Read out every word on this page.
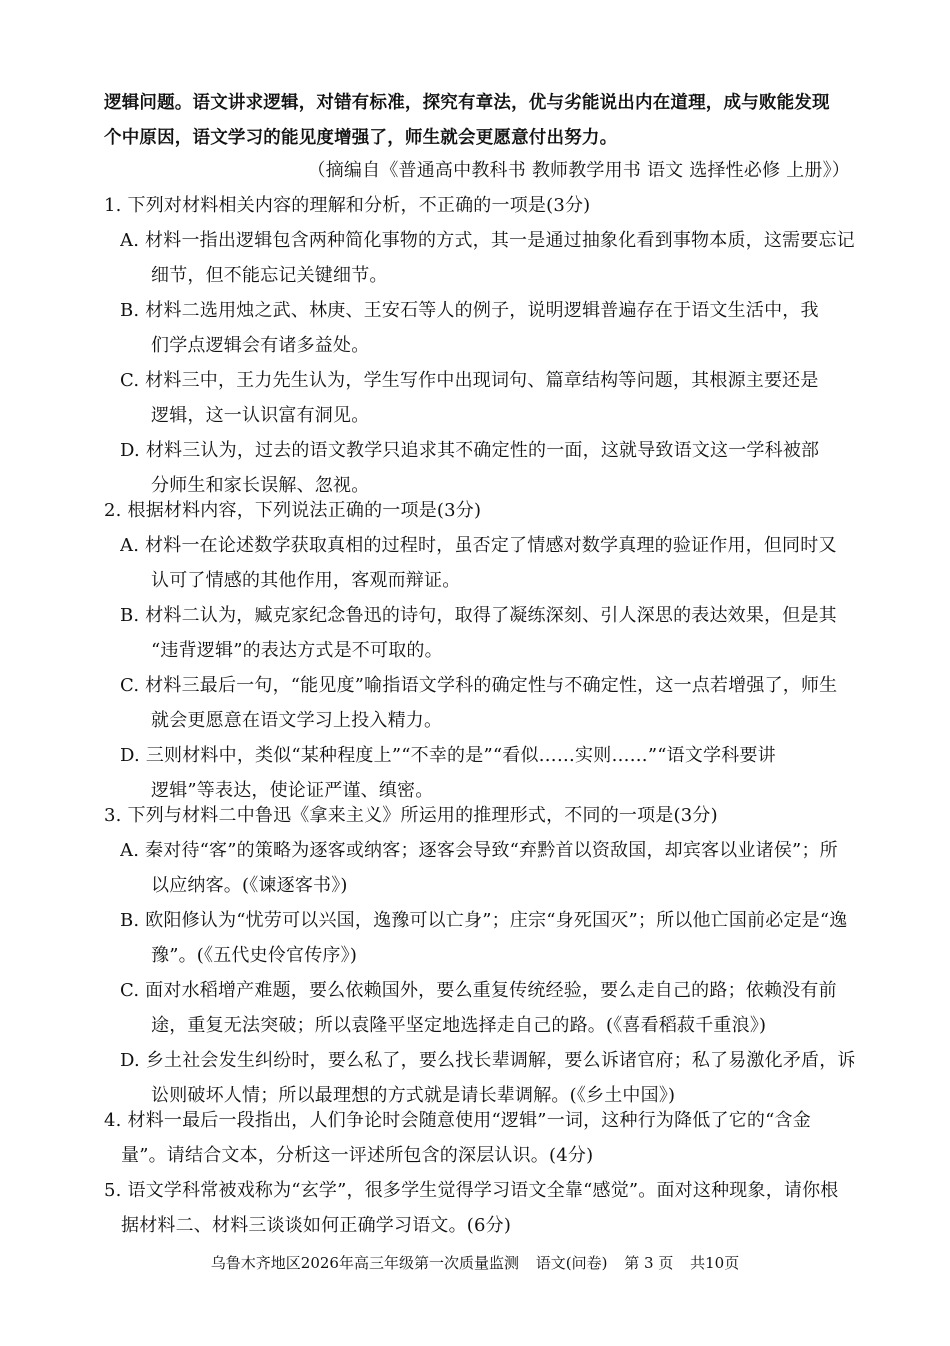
逻辑问题。语文讲求逻辑，对错有标准，探究有章法，优与劣能说出内在道理，成与败能发现
个中原因，语文学习的能见度增强了，师生就会更愿意付出努力。
（摘编自《普通高中教科书 教师教学用书 语文 选择性必修 上册》）
1. 下列对材料相关内容的理解和分析，不正确的一项是(3分)
A. 材料一指出逻辑包含两种简化事物的方式，其一是通过抽象化看到事物本质，这需要忘记
细节，但不能忘记关键细节。
B. 材料二选用烛之武、林庚、王安石等人的例子，说明逻辑普遍存在于语文生活中，我
们学点逻辑会有诸多益处。
C. 材料三中，王力先生认为，学生写作中出现词句、篇章结构等问题，其根源主要还是
逻辑，这一认识富有洞见。
D. 材料三认为，过去的语文教学只追求其不确定性的一面，这就导致语文这一学科被部
分师生和家长误解、忽视。
2. 根据材料内容，下列说法正确的一项是(3分)
A. 材料一在论述数学获取真相的过程时，虽否定了情感对数学真理的验证作用，但同时又
认可了情感的其他作用，客观而辩证。
B. 材料二认为，臧克家纪念鲁迅的诗句，取得了凝练深刻、引人深思的表达效果，但是其
“违背逻辑”的表达方式是不可取的。
C. 材料三最后一句，“能见度”喻指语文学科的确定性与不确定性，这一点若增强了，师生
就会更愿意在语文学习上投入精力。
D. 三则材料中，类似“某种程度上”“不幸的是”“看似……实则……”“语文学科要讲
逻辑”等表达，使论证严谨、缜密。
3. 下列与材料二中鲁迅《拿来主义》所运用的推理形式，不同的一项是(3分)
A. 秦对待“客”的策略为逐客或纳客；逐客会导致“弃黔首以资敌国，却宾客以业诸侯”；所
以应纳客。(《谏逐客书》)
B. 欧阳修认为“忧劳可以兴国，逸豫可以亡身”；庄宗“身死国灭”；所以他亡国前必定是“逸
豫”。(《五代史伶官传序》)
C. 面对水稻增产难题，要么依赖国外，要么重复传统经验，要么走自己的路；依赖没有前
途，重复无法突破；所以袁隆平坚定地选择走自己的路。(《喜看稻菽千重浪》)
D. 乡土社会发生纠纷时，要么私了，要么找长辈调解，要么诉诸官府；私了易激化矛盾，诉
讼则破坏人情；所以最理想的方式就是请长辈调解。(《乡土中国》)
4. 材料一最后一段指出，人们争论时会随意使用“逻辑”一词，这种行为降低了它的“含金
量”。请结合文本，分析这一评述所包含的深层认识。(4分)
5. 语文学科常被戏称为“玄学”，很多学生觉得学习语文全靠“感觉”。面对这种现象，请你根
据材料二、材料三谈谈如何正确学习语文。(6分)
乌鲁木齐地区2026年高三年级第一次质量监测 语文(问卷) 第 3 页 共10页
